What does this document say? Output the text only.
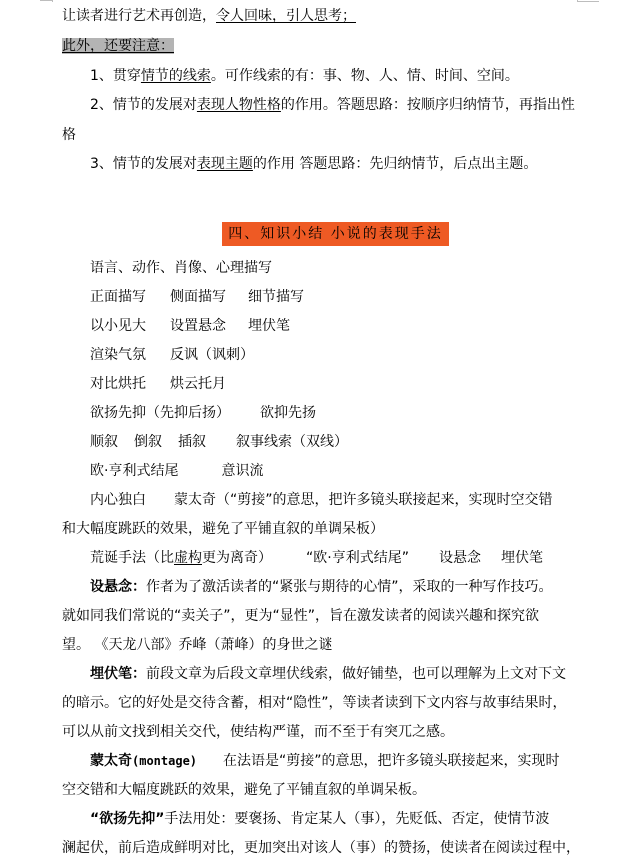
让读者进行艺术再创造，令人回味，引人思考；
此外，还要注意：
1、贯穿情节的线索。可作线索的有：事、物、人、情、时间、空间。
2、情节的发展对表现人物性格的作用。答题思路：按顺序归纳情节，再指出性
格
3、情节的发展对表现主题的作用 答题思路：先归纳情节，后点出主题。
四、知识小结 小说的表现手法
语言、动作、肖像、心理描写
正面描写 侧面描写 细节描写
以小见大 设置悬念 埋伏笔
渲染气氛 反讽（讽刺）
对比烘托 烘云托月
欲扬先抑（先抑后扬） 欲抑先扬
顺叙 倒叙 插叙 叙事线索（双线）
欧·亨利式结尾	意识流
内心独白 蒙太奇（“剪接”的意思，把许多镜头联接起来，实现时空交错
和大幅度跳跃的效果，避免了平铺直叙的单调呆板）
荒诞手法（比虚构更为离奇） “欧·亨利式结尾” 设悬念 埋伏笔
设悬念：作者为了激活读者的“紧张与期待的心情”，采取的一种写作技巧。
就如同我们常说的“卖关子”，更为“显性”，旨在激发读者的阅读兴趣和探究欲
望。 《天龙八部》乔峰（萧峰）的身世之谜
埋伏笔：前段文章为后段文章埋伏线索，做好铺垫，也可以理解为上文对下文
的暗示。它的好处是交待含蓄，相对“隐性”，等读者读到下文内容与故事结果时，
可以从前文找到相关交代，使结构严谨，而不至于有突兀之感。
蒙太奇(montage) 在法语是“剪接”的意思，把许多镜头联接起来，实现时
空交错和大幅度跳跃的效果，避免了平铺直叙的单调呆板。
“欲扬先抑”手法用处：要褒扬、肯定某人（事），先贬低、否定，使情节波
澜起伏，前后造成鲜明对比，更加突出对该人（事）的赞扬，使读者在阅读过程中，
